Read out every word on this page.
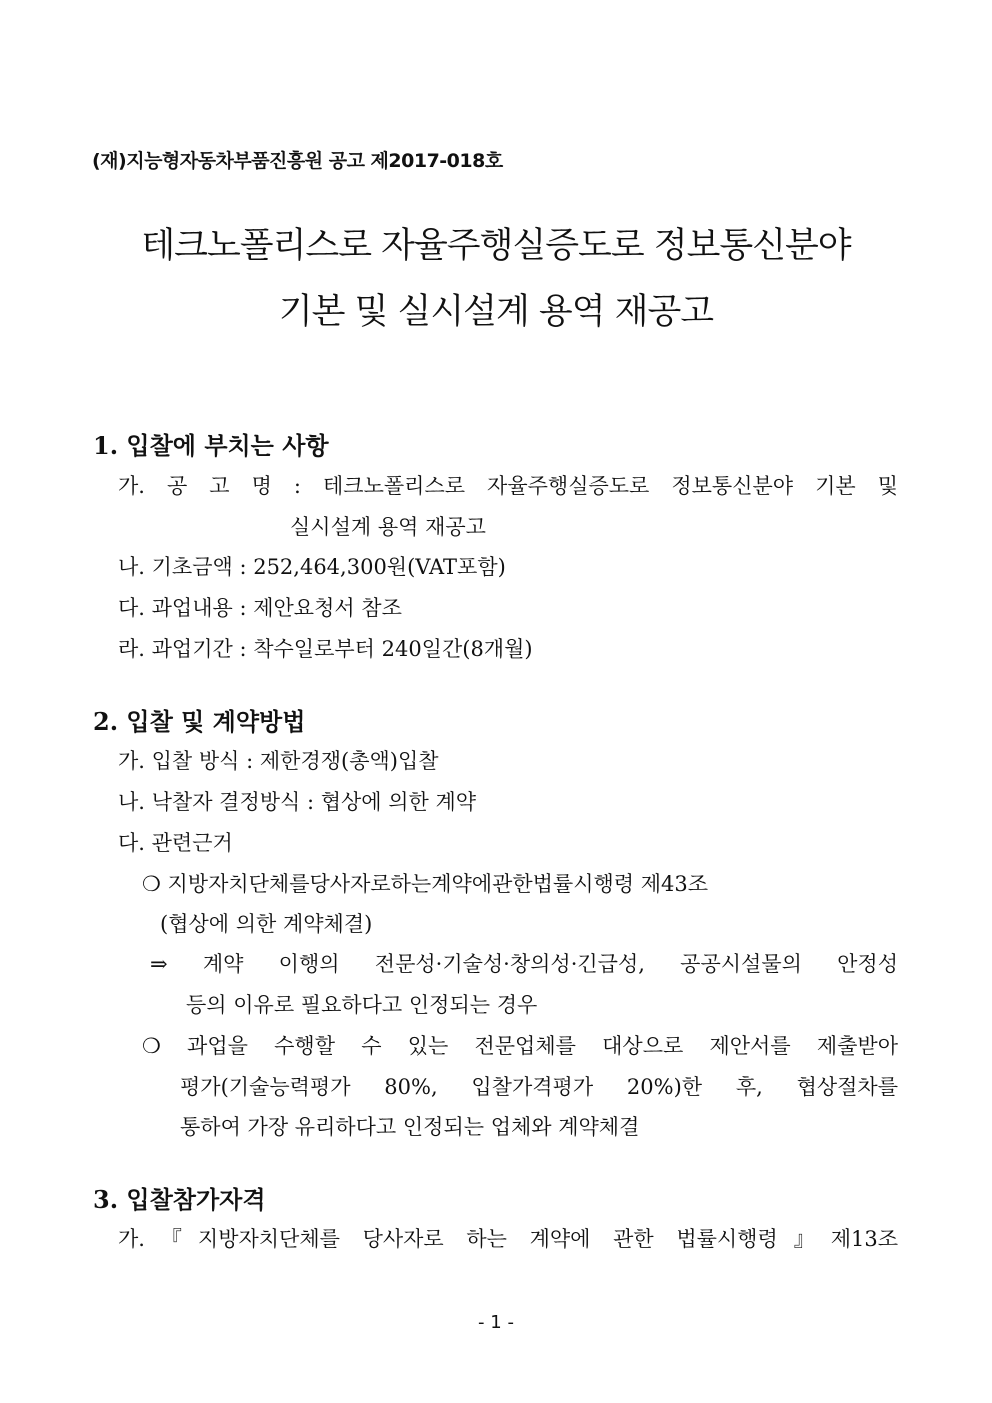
(재)지능형자동차부품진흥원 공고 제2017-018호
테크노폴리스로 자율주행실증도로 정보통신분야
기본 및 실시설계 용역 재공고
1. 입찰에 부치는 사항
가. 공 고 명 : 테크노폴리스로 자율주행실증도로 정보통신분야 기본 및
실시설계 용역 재공고
나. 기초금액 : 252,464,300원(VAT포함)
다. 과업내용 : 제안요청서 참조
라. 과업기간 : 착수일로부터 240일간(8개월)
2. 입찰 및 계약방법
가. 입찰 방식 : 제한경쟁(총액)입찰
나. 낙찰자 결정방식 : 협상에 의한 계약
다. 관련근거
❍ 지방자치단체를당사자로하는계약에관한법률시행령 제43조
(협상에 의한 계약체결)
⇒ 계약 이행의 전문성·기술성·창의성·긴급성, 공공시설물의 안정성
등의 이유로 필요하다고 인정되는 경우
❍ 과업을 수행할 수 있는 전문업체를 대상으로 제안서를 제출받아
평가(기술능력평가 80%, 입찰가격평가 20%)한 후, 협상절차를
통하여 가장 유리하다고 인정되는 업체와 계약체결
3. 입찰참가자격
가.『지방자치단체를 당사자로 하는 계약에 관한 법률시행령』제13조
- 1 -
